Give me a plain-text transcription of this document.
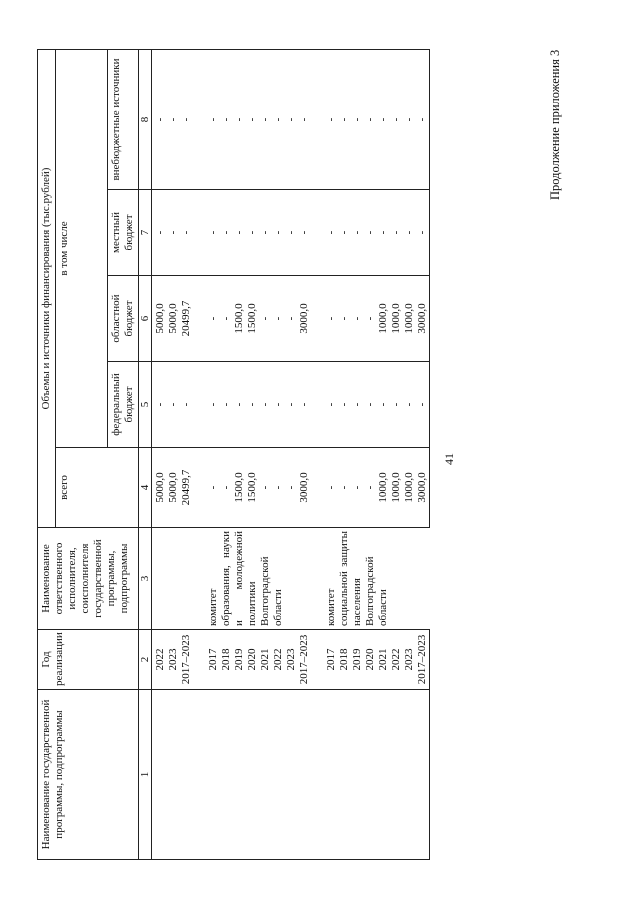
41
Продолжение приложения 3
Наименование государственной программы, подпрограммы	Год реализации	Наименование ответственного исполнителя, соисполнителя государственной программы, подпрограммы	Объемы и источники финансирования (тыс.рублей)				
			всего	в том числе			
				федеральный бюджет	областной бюджет	местный бюджет	внебюджетные источники
1	2	3	4	5	6	7	8
	2022		5000,0	-	5000,0	-	-
	2023		5000,0	-	5000,0	-	-
	2017–2023		20499,7	-	20499,7	-	-
	2017	комитет образования, науки и молодежной политики Волгоградской области	-	-	-	-	-
	2018		-	-	-	-	-
	2019		1500,0	-	1500,0	-	-
	2020		1500,0	-	1500,0	-	-
	2021		-	-	-	-	-
	2022		-	-	-	-	-
	2023		-	-	-	-	-
	2017–2023		3000,0	-	3000,0	-	-
	2017	комитет социальной защиты населения Волгоградской области	-	-	-	-	-
	2018		-	-	-	-	-
	2019		-	-	-	-	-
	2020		-	-	-	-	-
	2021		1000,0	-	1000,0	-	-
	2022		1000,0	-	1000,0	-	-
	2023		1000,0	-	1000,0	-	-
	2017–2023		3000,0	-	3000,0	-	-
